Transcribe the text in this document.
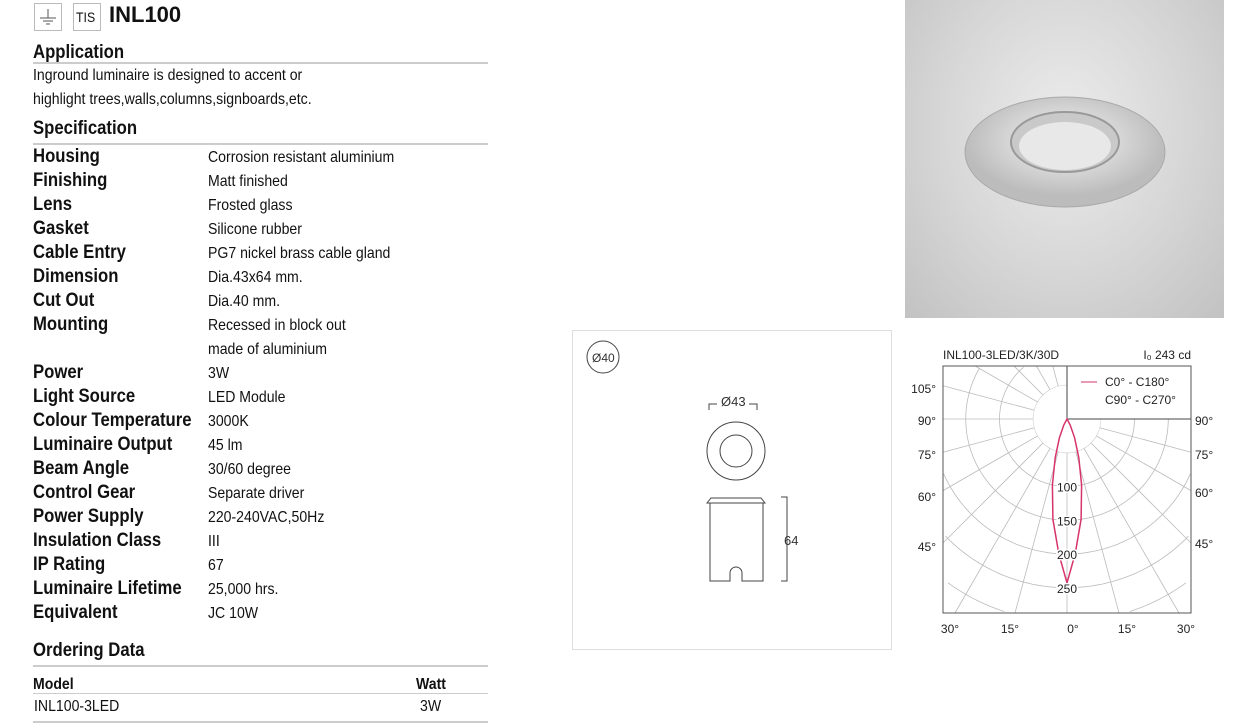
TIS INL100
Application
Inground luminaire is designed to accent or
highlight trees,walls,columns,signboards,etc.
Specification
Housing	Corrosion resistant aluminium
Finishing	Matt finished
Lens	Frosted glass
Gasket	Silicone rubber
Cable Entry	PG7 nickel brass cable gland
Dimension	Dia.43x64 mm.
Cut Out	Dia.40 mm.
Mounting	Recessed in block out
made of aluminium
Power	3W
Light Source	LED Module
Colour Temperature	3000K
Luminaire Output	45 lm
Beam Angle	30/60 degree
Control Gear	Separate driver
Power Supply	220-240VAC,50Hz
Insulation Class	III
IP Rating	67
Luminaire Lifetime	25,000 hrs.
Equivalent	JC 10W
Ordering Data
Model	Watt
INL100-3LED	3W
Ø40
Ø43
64
INL100-3LED/3K/30D	I₀ 243 cd
C0° - C180°
C90° - C270°
100
150
200
250
105°
90°
75°
60°
45°
90°
75°
60°
45°
30°	15°	0°	15°	30°
